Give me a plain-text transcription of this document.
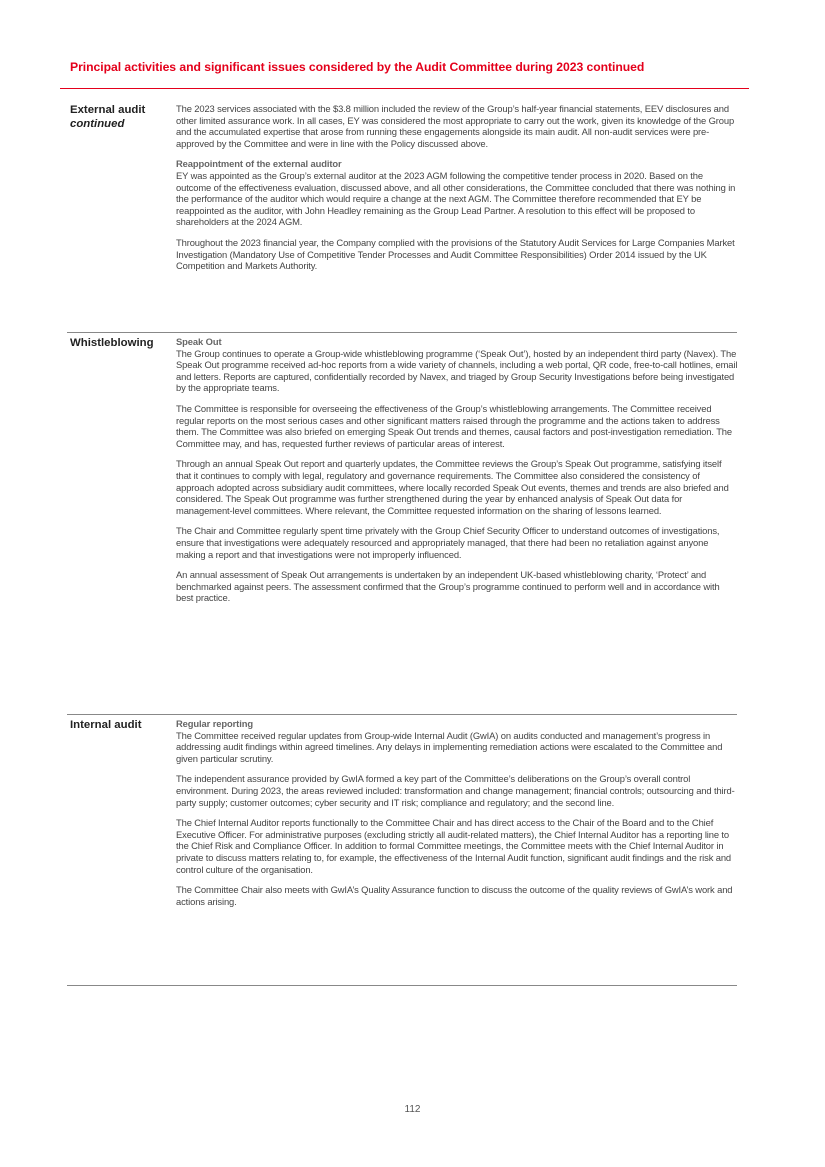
Principal activities and significant issues considered by the Audit Committee during 2023 continued
External audit
continued

The 2023 services associated with the $3.8 million included the review of the Group’s half-year financial statements, EEV disclosures and other limited assurance work. In all cases, EY was considered the most appropriate to carry out the work, given its knowledge of the Group and the accumulated expertise that arose from running these engagements alongside its main audit. All non-audit services were pre-approved by the Committee and were in line with the Policy discussed above.

Reappointment of the external auditor

EY was appointed as the Group’s external auditor at the 2023 AGM following the competitive tender process in 2020. Based on the outcome of the effectiveness evaluation, discussed above, and all other considerations, the Committee concluded that there was nothing in the performance of the auditor which would require a change at the next AGM. The Committee therefore recommended that EY be reappointed as the auditor, with John Headley remaining as the Group Lead Partner. A resolution to this effect will be proposed to shareholders at the 2024 AGM.

Throughout the 2023 financial year, the Company complied with the provisions of the Statutory Audit Services for Large Companies Market Investigation (Mandatory Use of Competitive Tender Processes and Audit Committee Responsibilities) Order 2014 issued by the UK Competition and Markets Authority.

Whistleblowing	Speak Out

The Group continues to operate a Group-wide whistleblowing programme (‘Speak Out’), hosted by an independent third party (Navex). The Speak Out programme received ad-hoc reports from a wide variety of channels, including a web portal, QR code, free-to-call hotlines, email and letters. Reports are captured, confidentially recorded by Navex, and triaged by Group Security Investigations before being investigated by the appropriate teams.

The Committee is responsible for overseeing the effectiveness of the Group’s whistleblowing arrangements. The Committee received regular reports on the most serious cases and other significant matters raised through the programme and the actions taken to address them. The Committee was also briefed on emerging Speak Out trends and themes, causal factors and post-investigation remediation. The Committee may, and has, requested further reviews of particular areas of interest.

Through an annual Speak Out report and quarterly updates, the Committee reviews the Group’s Speak Out programme, satisfying itself that it continues to comply with legal, regulatory and governance requirements. The Committee also considered the consistency of approach adopted across subsidiary audit committees, where locally recorded Speak Out events, themes and trends are also briefed and considered. The Speak Out programme was further strengthened during the year by enhanced analysis of Speak Out data for management-level committees. Where relevant, the Committee requested information on the sharing of lessons learned.

The Chair and Committee regularly spent time privately with the Group Chief Security Officer to understand outcomes of investigations, ensure that investigations were adequately resourced and appropriately managed, that there had been no retaliation against anyone making a report and that investigations were not improperly influenced.

An annual assessment of Speak Out arrangements is undertaken by an independent UK-based whistleblowing charity, ‘Protect’ and benchmarked against peers. The assessment confirmed that the Group’s programme continued to perform well and in accordance with best practice.

Internal audit	Regular reporting

The Committee received regular updates from Group-wide Internal Audit (GwIA) on audits conducted and management’s progress in addressing audit findings within agreed timelines. Any delays in implementing remediation actions were escalated to the Committee and given particular scrutiny.

The independent assurance provided by GwIA formed a key part of the Committee’s deliberations on the Group’s overall control environment. During 2023, the areas reviewed included: transformation and change management; financial controls; outsourcing and third-party supply; customer outcomes; cyber security and IT risk; compliance and regulatory; and the second line.

The Chief Internal Auditor reports functionally to the Committee Chair and has direct access to the Chair of the Board and to the Chief Executive Officer. For administrative purposes (excluding strictly all audit-related matters), the Chief Internal Auditor has a reporting line to the Chief Risk and Compliance Officer. In addition to formal Committee meetings, the Committee meets with the Chief Internal Auditor in private to discuss matters relating to, for example, the effectiveness of the Internal Audit function, significant audit findings and the risk and control culture of the organisation.

The Committee Chair also meets with GwIA’s Quality Assurance function to discuss the outcome of the quality reviews of GwIA’s work and actions arising.

112
